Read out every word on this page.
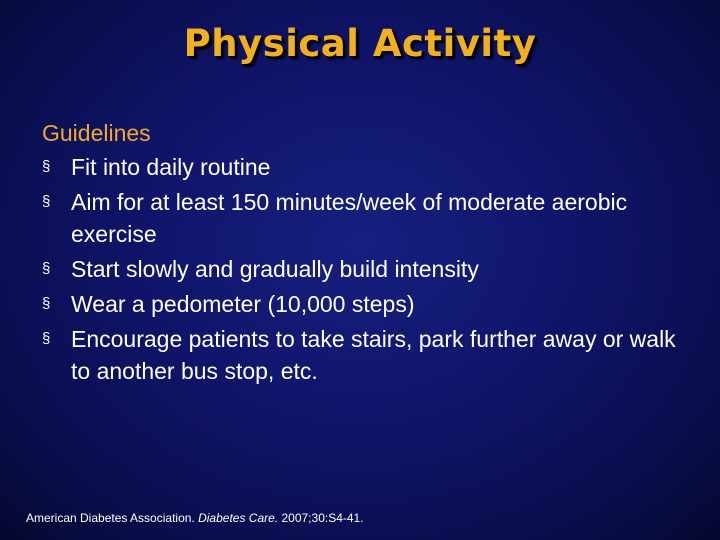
Physical Activity
Guidelines
§ Fit into daily routine
§ Aim for at least 150 minutes/week of moderate aerobic exercise
§ Start slowly and gradually build intensity
§ Wear a pedometer (10,000 steps)
§ Encourage patients to take stairs, park further away or walk to another bus stop, etc.
American Diabetes Association. Diabetes Care. 2007;30:S4-41.
